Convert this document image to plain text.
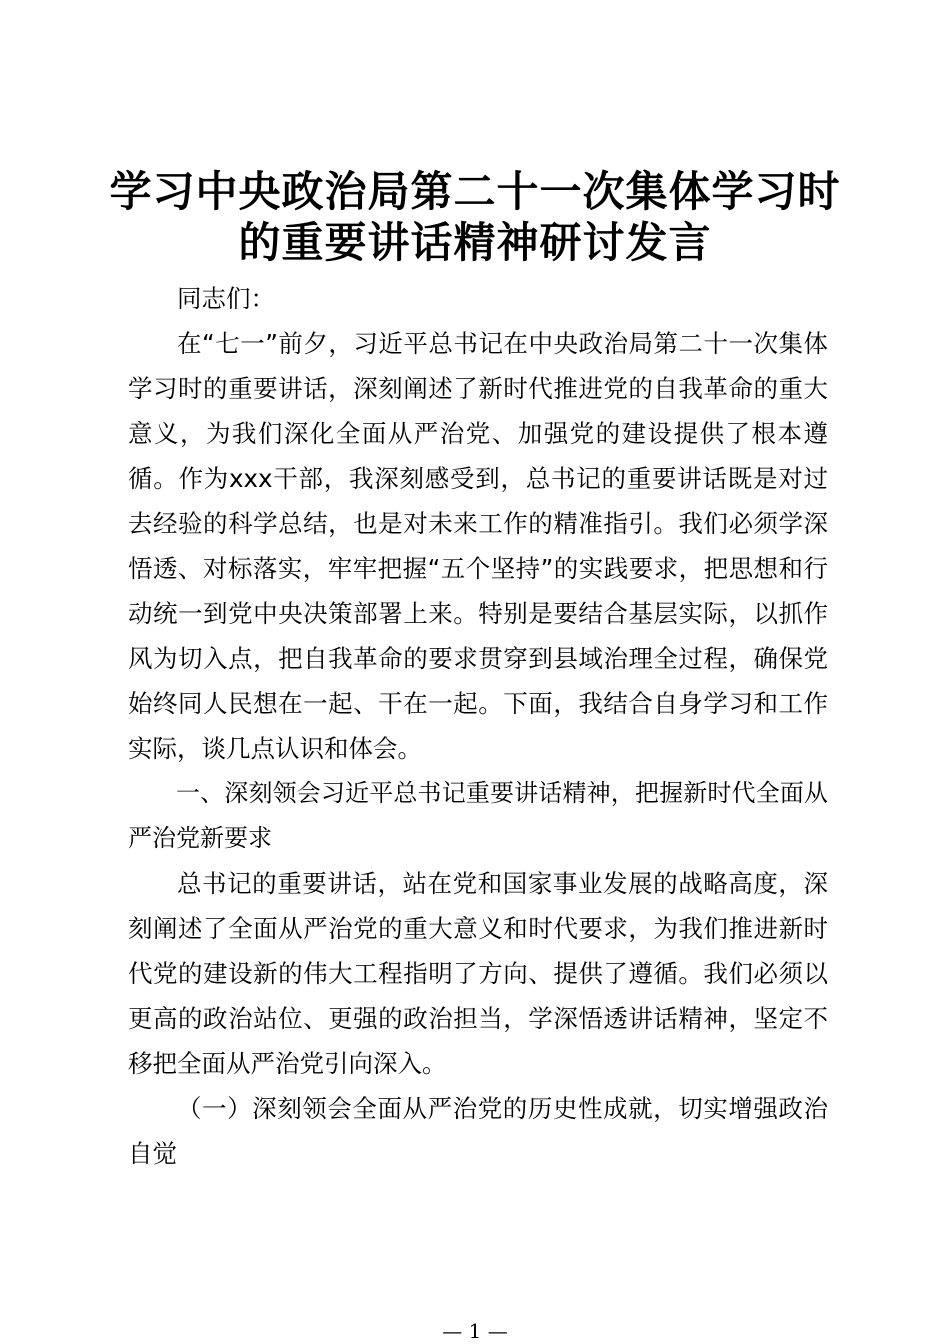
学习中央政治局第二十一次集体学习时
的重要讲话精神研讨发言

同志们：

在“七一”前夕，习近平总书记在中央政治局第二十一次集体学习时的重要讲话，深刻阐述了新时代推进党的自我革命的重大意义，为我们深化全面从严治党、加强党的建设提供了根本遵循。作为xxx干部，我深刻感受到，总书记的重要讲话既是对过去经验的科学总结，也是对未来工作的精准指引。我们必须学深悟透、对标落实，牢牢把握“五个坚持”的实践要求，把思想和行动统一到党中央决策部署上来。特别是要结合基层实际，以抓作风为切入点，把自我革命的要求贯穿到县域治理全过程，确保党始终同人民想在一起、干在一起。下面，我结合自身学习和工作实际，谈几点认识和体会。

一、深刻领会习近平总书记重要讲话精神，把握新时代全面从严治党新要求

总书记的重要讲话，站在党和国家事业发展的战略高度，深刻阐述了全面从严治党的重大意义和时代要求，为我们推进新时代党的建设新的伟大工程指明了方向、提供了遵循。我们必须以更高的政治站位、更强的政治担当，学深悟透讲话精神，坚定不移把全面从严治党引向深入。

（一）深刻领会全面从严治党的历史性成就，切实增强政治自觉

— 1 —
